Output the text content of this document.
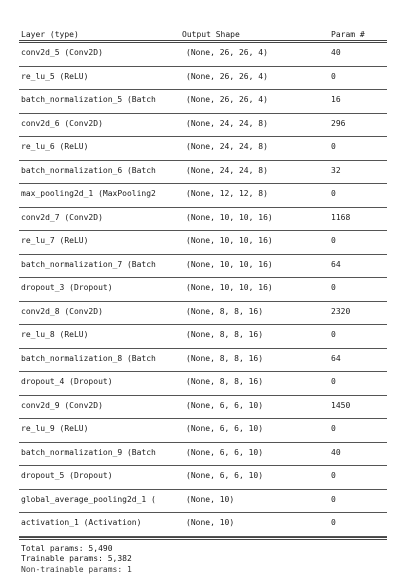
Layer (type)	Output Shape	Param #
conv2d_5 (Conv2D)	(None, 26, 26, 4)	40
re_lu_5 (ReLU)	(None, 26, 26, 4)	0
batch_normalization_5 (Batch	(None, 26, 26, 4)	16
conv2d_6 (Conv2D)	(None, 24, 24, 8)	296
re_lu_6 (ReLU)	(None, 24, 24, 8)	0
batch_normalization_6 (Batch	(None, 24, 24, 8)	32
max_pooling2d_1 (MaxPooling2	(None, 12, 12, 8)	0
conv2d_7 (Conv2D)	(None, 10, 10, 16)	1168
re_lu_7 (ReLU)	(None, 10, 10, 16)	0
batch_normalization_7 (Batch	(None, 10, 10, 16)	64
dropout_3 (Dropout)	(None, 10, 10, 16)	0
conv2d_8 (Conv2D)	(None, 8, 8, 16)	2320
re_lu_8 (ReLU)	(None, 8, 8, 16)	0
batch_normalization_8 (Batch	(None, 8, 8, 16)	64
dropout_4 (Dropout)	(None, 8, 8, 16)	0
conv2d_9 (Conv2D)	(None, 6, 6, 10)	1450
re_lu_9 (ReLU)	(None, 6, 6, 10)	0
batch_normalization_9 (Batch	(None, 6, 6, 10)	40
dropout_5 (Dropout)	(None, 6, 6, 10)	0
global_average_pooling2d_1 (	(None, 10)	0
activation_1 (Activation)	(None, 10)	0
Total params: 5,490
Trainable params: 5,382
Non-trainable params: 1
